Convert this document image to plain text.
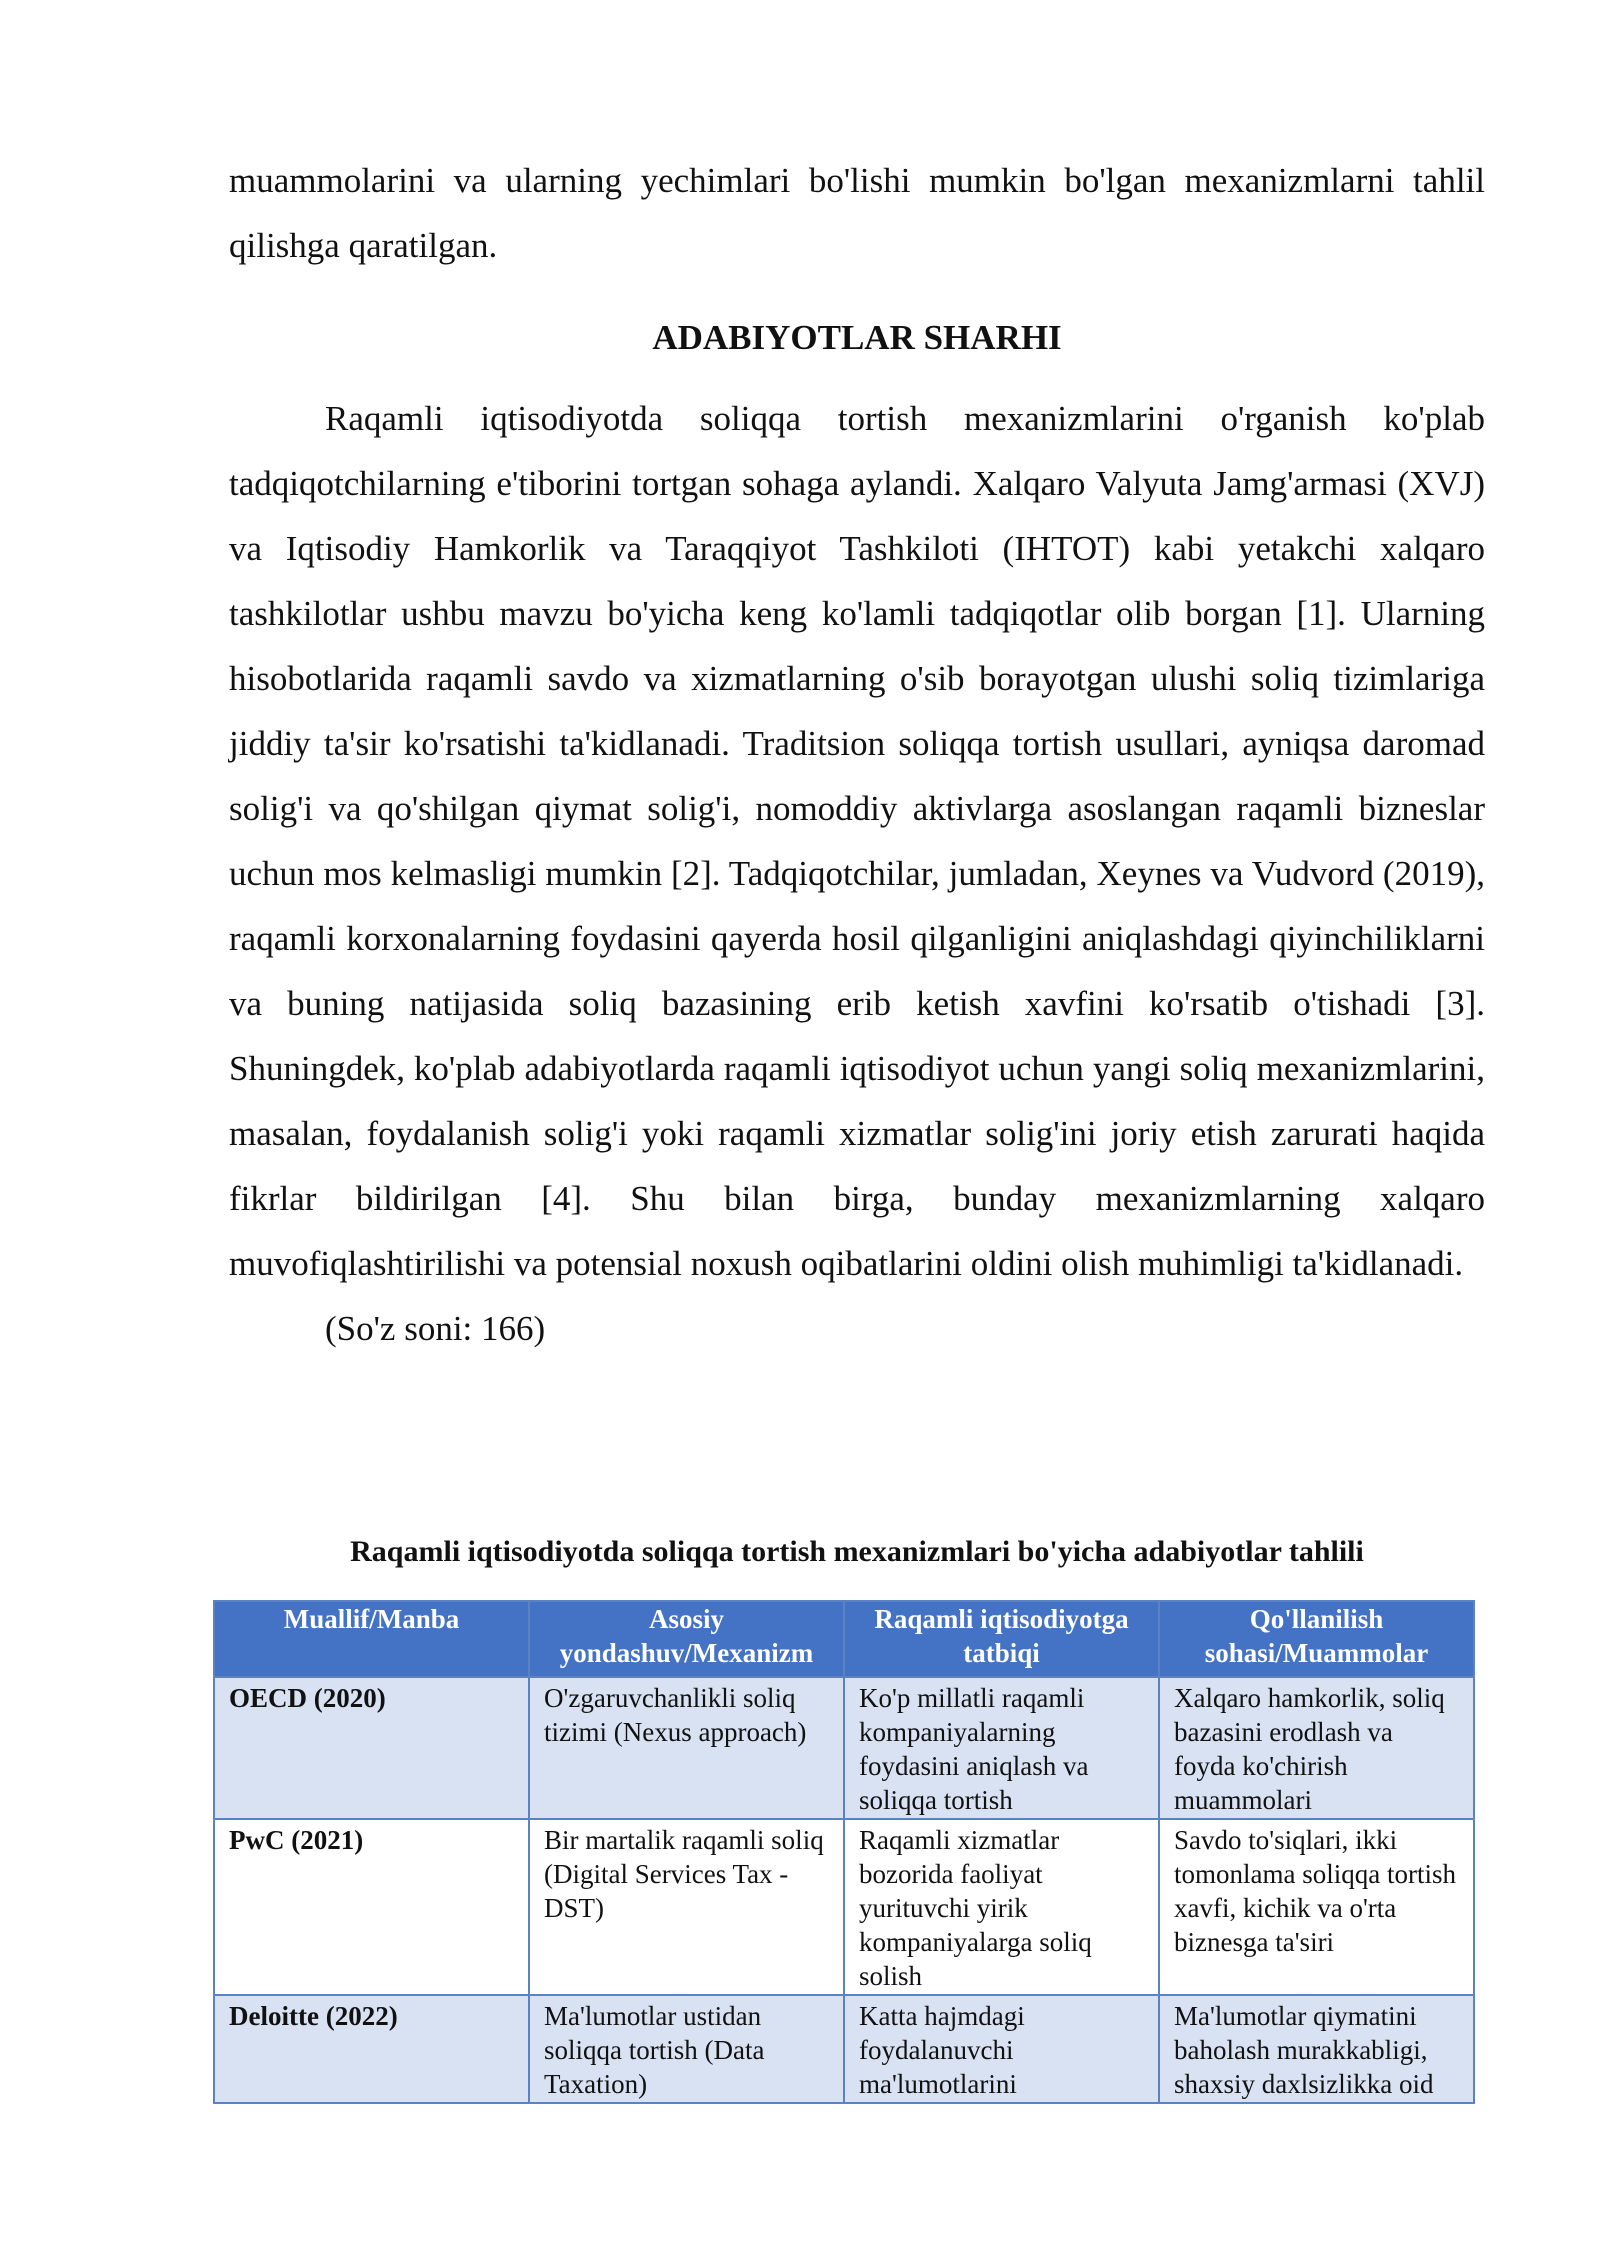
muammolarini va ularning yechimlari bo'lishi mumkin bo'lgan mexanizmlarni tahlil qilishga qaratilgan.

ADABIYOTLAR SHARHI

Raqamli iqtisodiyotda soliqqa tortish mexanizmlarini o'rganish ko'plab tadqiqotchilarning e'tiborini tortgan sohaga aylandi. Xalqaro Valyuta Jamg'armasi (XVJ) va Iqtisodiy Hamkorlik va Taraqqiyot Tashkiloti (IHTOT) kabi yetakchi xalqaro tashkilotlar ushbu mavzu bo'yicha keng ko'lamli tadqiqotlar olib borgan [1]. Ularning hisobotlarida raqamli savdo va xizmatlarning o'sib borayotgan ulushi soliq tizimlariga jiddiy ta'sir ko'rsatishi ta'kidlanadi. Traditsion soliqqa tortish usullari, ayniqsa daromad solig'i va qo'shilgan qiymat solig'i, nomoddiy aktivlarga asoslangan raqamli bizneslar uchun mos kelmasligi mumkin [2]. Tadqiqotchilar, jumladan, Xeynes va Vudvord (2019), raqamli korxonalarning foydasini qayerda hosil qilganligini aniqlashdagi qiyinchiliklarni va buning natijasida soliq bazasining erib ketish xavfini ko'rsatib o'tishadi [3]. Shuningdek, ko'plab adabiyotlarda raqamli iqtisodiyot uchun yangi soliq mexanizmlarini, masalan, foydalanish solig'i yoki raqamli xizmatlar solig'ini joriy etish zarurati haqida fikrlar bildirilgan [4]. Shu bilan birga, bunday mexanizmlarning xalqaro muvofiqlashtirilishi va potensial noxush oqibatlarini oldini olish muhimligi ta'kidlanadi.

(So'z soni: 166)

Raqamli iqtisodiyotda soliqqa tortish mexanizmlari bo'yicha adabiyotlar tahlili
Muallif/Manba	Asosiy yondashuv/Mexanizm	Raqamli iqtisodiyotga tatbiqi	Qo'llanilish sohasi/Muammolar
OECD (2020)	O'zgaruvchanlikli soliq tizimi (Nexus approach)	Ko'p millatli raqamli kompaniyalarning foydasini aniqlash va soliqqa tortish	Xalqaro hamkorlik, soliq bazasini erodlash va foyda ko'chirish muammolari
PwC (2021)	Bir martalik raqamli soliq (Digital Services Tax - DST)	Raqamli xizmatlar bozorida faoliyat yurituvchi yirik kompaniyalarga soliq solish	Savdo to'siqlari, ikki tomonlama soliqqa tortish xavfi, kichik va o'rta biznesga ta'siri
Deloitte (2022)	Ma'lumotlar ustidan soliqqa tortish (Data Taxation)	Katta hajmdagi foydalanuvchi ma'lumotlarini	Ma'lumotlar qiymatini baholash murakkabligi, shaxsiy daxlsizlikka oid
